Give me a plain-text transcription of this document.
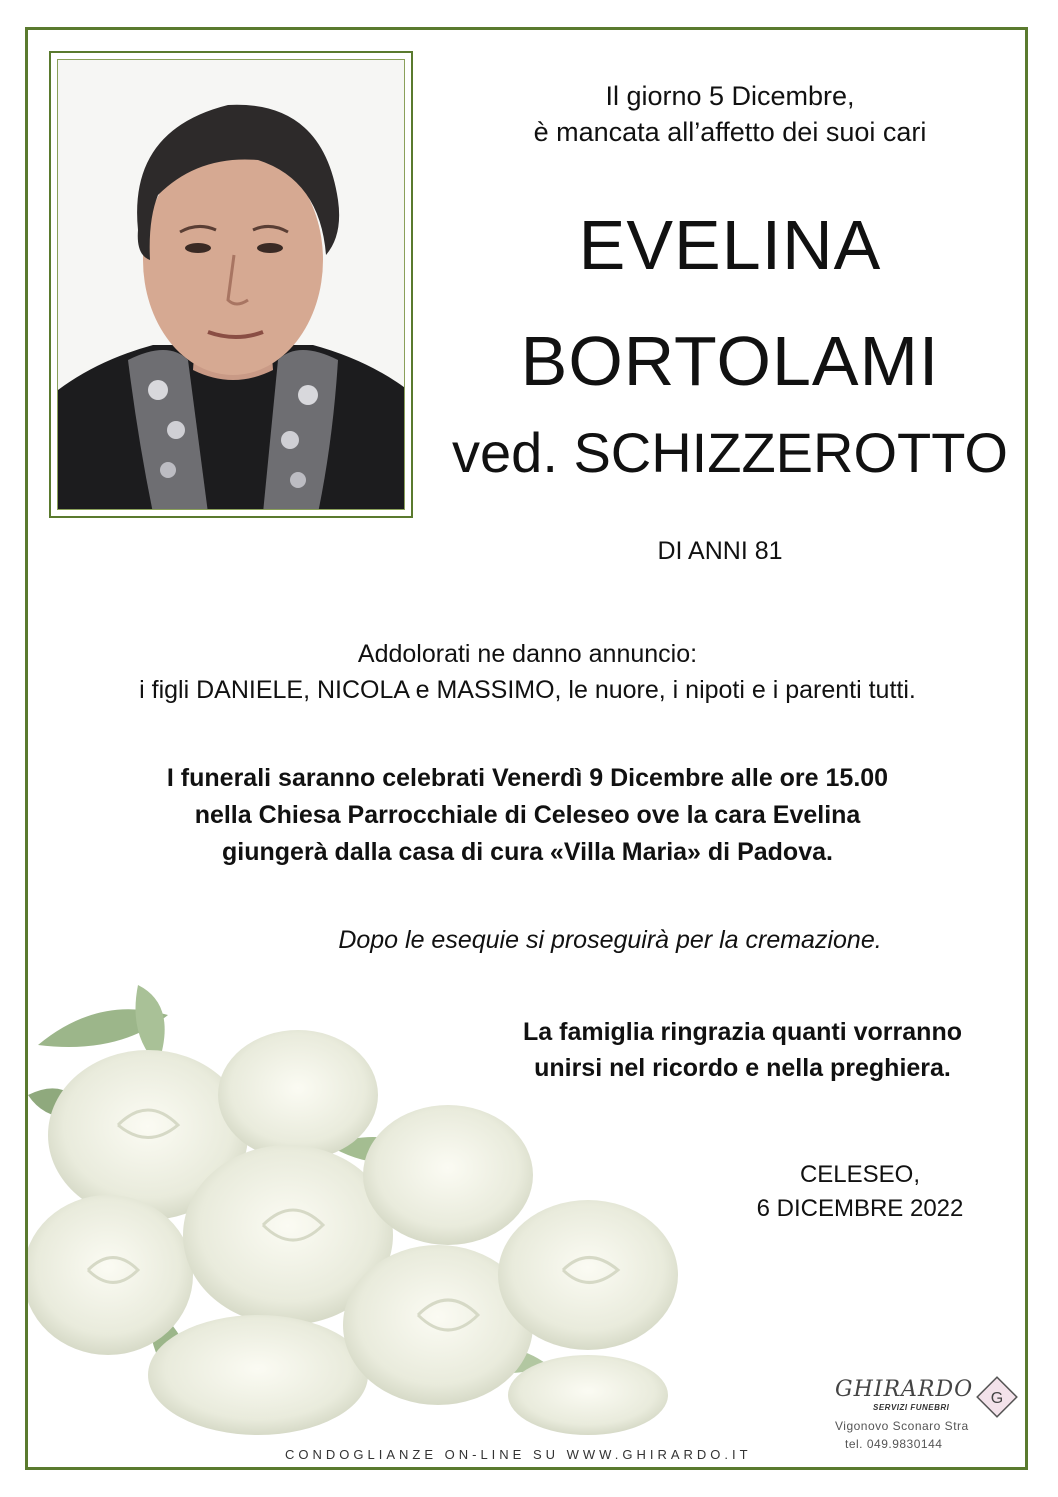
Il giorno 5 Dicembre,
è mancata all’affetto dei suoi cari
EVELINA
BORTOLAMI
ved. SCHIZZEROTTO
DI ANNI 81
Addolorati ne danno annuncio:
i figli DANIELE, NICOLA e MASSIMO, le nuore, i nipoti e i parenti tutti.
I funerali saranno celebrati Venerdì 9 Dicembre alle ore 15.00
nella Chiesa Parrocchiale di Celeseo ove la cara Evelina
giungerà dalla casa di cura «Villa Maria» di Padova.
Dopo le esequie si proseguirà per la cremazione.
La famiglia ringrazia quanti vorranno
unirsi nel ricordo e nella preghiera.
CELESEO,
6 DICEMBRE 2022
GHIRARDO
SERVIZI FUNEBRI
G
Vigonovo Sconaro Stra
tel. 049.9830144
CONDOGLIANZE ON-LINE SU WWW.GHIRARDO.IT
